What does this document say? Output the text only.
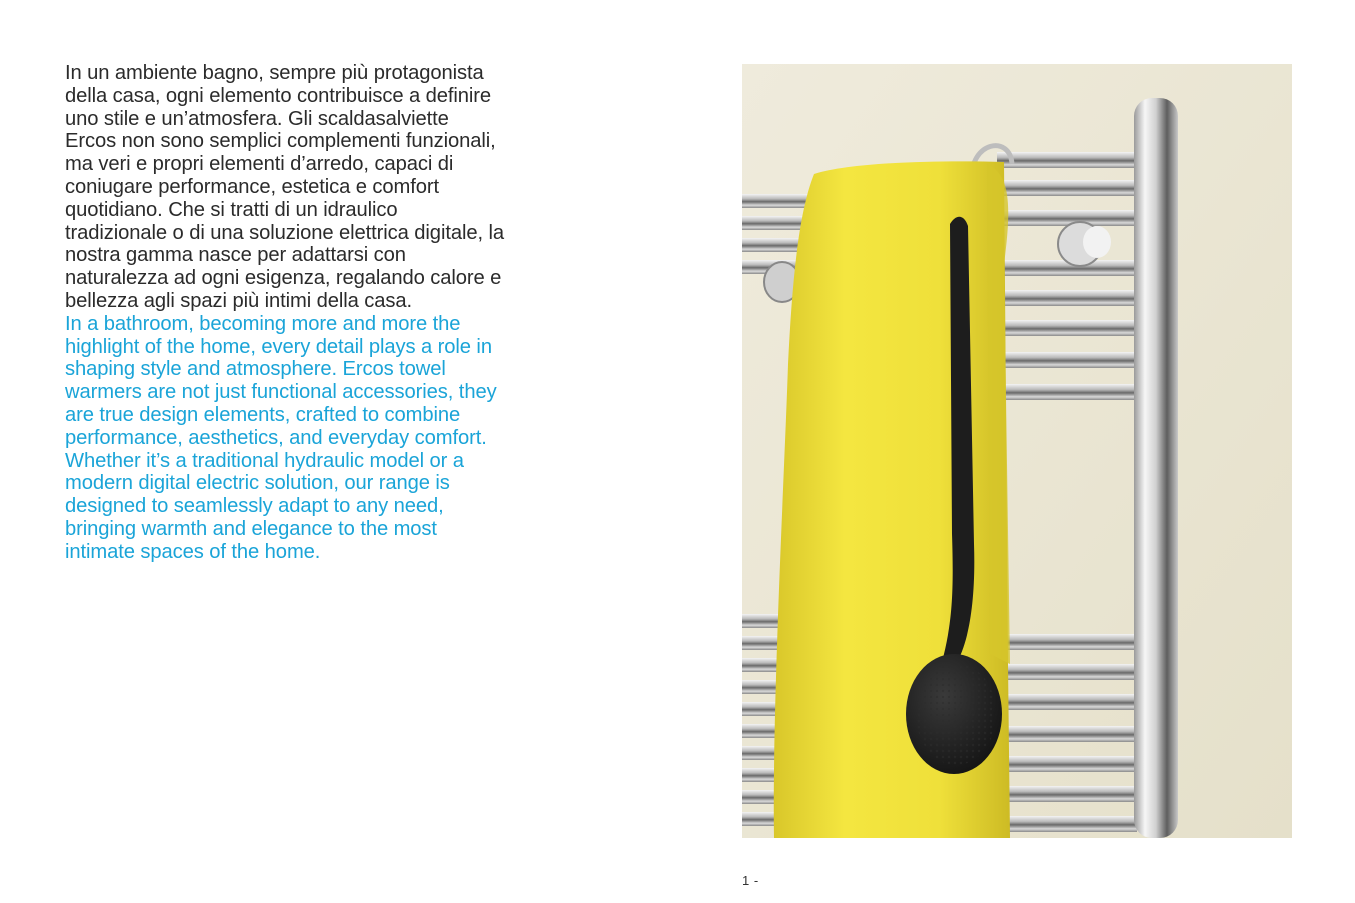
In un ambiente bagno, sempre più protagonista della casa, ogni elemento contribuisce a definire uno stile e un’atmosfera. Gli scaldasalviette Ercos non sono semplici complementi funzionali, ma veri e propri elementi d’arredo, capaci di coniugare performance, estetica e comfort quotidiano. Che si tratti di un idraulico tradizionale o di una soluzione elettrica digitale, la nostra gamma nasce per adattarsi con naturalezza ad ogni esigenza, regalando calore e bellezza agli spazi più intimi della casa.

In a bathroom, becoming more and more the highlight of the home, every detail plays a role in shaping style and atmosphere. Ercos towel warmers are not just functional accessories, they are true design elements, crafted to combine performance, aesthetics, and everyday comfort. Whether it’s a traditional hydraulic model or a modern digital electric solution, our range is designed to seamlessly adapt to any need, bringing warmth and elegance to the most intimate spaces of the home.

1 -
